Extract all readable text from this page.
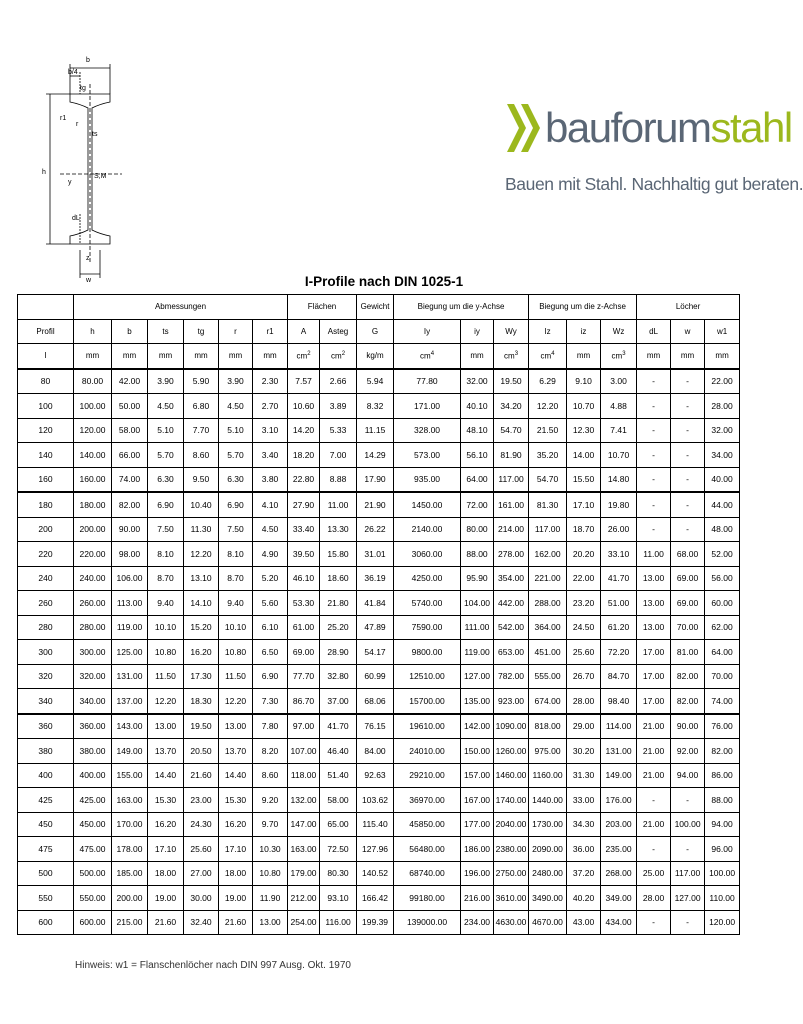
b
b/4
tg
r1
r
ts
h
y
S,M
dL
z
w
bauforumstahl
Bauen mit Stahl. Nachhaltig gut beraten.
I-Profile nach DIN 1025-1
	Abmessungen						Flächen		Gewicht	Biegung um die y-Achse			Biegung um die z-Achse			Löcher		
Profil	h	b	ts	tg	r	r1	A	Asteg	G	Iy	iy	Wy	Iz	iz	Wz	dL	w	w1
I	mm	mm	mm	mm	mm	mm	$cm^2$	$cm^2$	kg/m	$cm^4$	mm	$cm^3$	$cm^4$	mm	$cm^3$	mm	mm	mm
80	80.00	42.00	3.90	5.90	3.90	2.30	7.57	2.66	5.94	77.80	32.00	19.50	6.29	9.10	3.00	-	-	22.00
100	100.00	50.00	4.50	6.80	4.50	2.70	10.60	3.89	8.32	171.00	40.10	34.20	12.20	10.70	4.88	-	-	28.00
120	120.00	58.00	5.10	7.70	5.10	3.10	14.20	5.33	11.15	328.00	48.10	54.70	21.50	12.30	7.41	-	-	32.00
140	140.00	66.00	5.70	8.60	5.70	3.40	18.20	7.00	14.29	573.00	56.10	81.90	35.20	14.00	10.70	-	-	34.00
160	160.00	74.00	6.30	9.50	6.30	3.80	22.80	8.88	17.90	935.00	64.00	117.00	54.70	15.50	14.80	-	-	40.00
180	180.00	82.00	6.90	10.40	6.90	4.10	27.90	11.00	21.90	1450.00	72.00	161.00	81.30	17.10	19.80	-	-	44.00
200	200.00	90.00	7.50	11.30	7.50	4.50	33.40	13.30	26.22	2140.00	80.00	214.00	117.00	18.70	26.00	-	-	48.00
220	220.00	98.00	8.10	12.20	8.10	4.90	39.50	15.80	31.01	3060.00	88.00	278.00	162.00	20.20	33.10	11.00	68.00	52.00
240	240.00	106.00	8.70	13.10	8.70	5.20	46.10	18.60	36.19	4250.00	95.90	354.00	221.00	22.00	41.70	13.00	69.00	56.00
260	260.00	113.00	9.40	14.10	9.40	5.60	53.30	21.80	41.84	5740.00	104.00	442.00	288.00	23.20	51.00	13.00	69.00	60.00
280	280.00	119.00	10.10	15.20	10.10	6.10	61.00	25.20	47.89	7590.00	111.00	542.00	364.00	24.50	61.20	13.00	70.00	62.00
300	300.00	125.00	10.80	16.20	10.80	6.50	69.00	28.90	54.17	9800.00	119.00	653.00	451.00	25.60	72.20	17.00	81.00	64.00
320	320.00	131.00	11.50	17.30	11.50	6.90	77.70	32.80	60.99	12510.00	127.00	782.00	555.00	26.70	84.70	17.00	82.00	70.00
340	340.00	137.00	12.20	18.30	12.20	7.30	86.70	37.00	68.06	15700.00	135.00	923.00	674.00	28.00	98.40	17.00	82.00	74.00
360	360.00	143.00	13.00	19.50	13.00	7.80	97.00	41.70	76.15	19610.00	142.00	1090.00	818.00	29.00	114.00	21.00	90.00	76.00
380	380.00	149.00	13.70	20.50	13.70	8.20	107.00	46.40	84.00	24010.00	150.00	1260.00	975.00	30.20	131.00	21.00	92.00	82.00
400	400.00	155.00	14.40	21.60	14.40	8.60	118.00	51.40	92.63	29210.00	157.00	1460.00	1160.00	31.30	149.00	21.00	94.00	86.00
425	425.00	163.00	15.30	23.00	15.30	9.20	132.00	58.00	103.62	36970.00	167.00	1740.00	1440.00	33.00	176.00	-	-	88.00
450	450.00	170.00	16.20	24.30	16.20	9.70	147.00	65.00	115.40	45850.00	177.00	2040.00	1730.00	34.30	203.00	21.00	100.00	94.00
475	475.00	178.00	17.10	25.60	17.10	10.30	163.00	72.50	127.96	56480.00	186.00	2380.00	2090.00	36.00	235.00	-	-	96.00
500	500.00	185.00	18.00	27.00	18.00	10.80	179.00	80.30	140.52	68740.00	196.00	2750.00	2480.00	37.20	268.00	25.00	117.00	100.00
550	550.00	200.00	19.00	30.00	19.00	11.90	212.00	93.10	166.42	99180.00	216.00	3610.00	3490.00	40.20	349.00	28.00	127.00	110.00
600	600.00	215.00	21.60	32.40	21.60	13.00	254.00	116.00	199.39	139000.00	234.00	4630.00	4670.00	43.00	434.00	-	-	120.00
Hinweis: w1 = Flanschenlöcher nach DIN 997 Ausg. Okt. 1970
